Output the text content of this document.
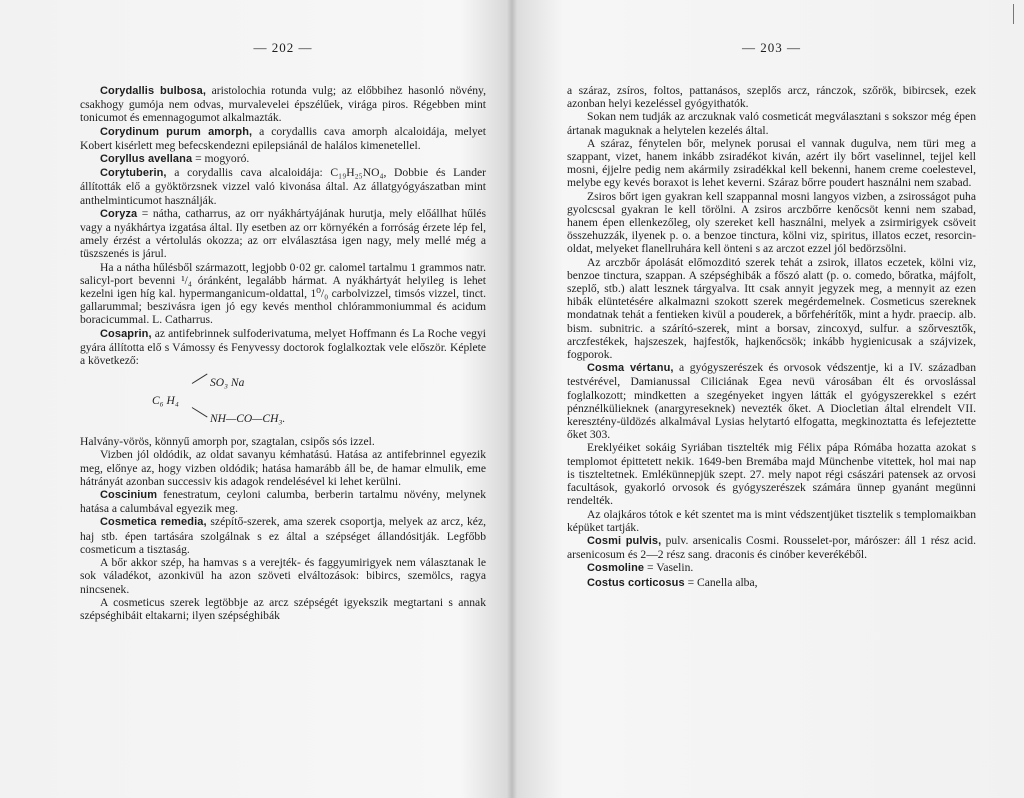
— 202 —

Corydallis bulbosa, aristolochia rotunda vulg; az előbbihez hasonló növény, csakhogy gumója nem odvas, murvalevelei épszélűek, virága piros. Régebben mint tonicumot és emennagogumot alkalmazták.

Corydinum purum amorph, a corydallis cava amorph alcaloidája, melyet Kobert kisérlett meg befecskendezni epilepsiánál de halálos kimenetellel.

Coryllus avellana = mogyoró.

Corytuberin, a corydallis cava alcaloidája: C₁₉H₂₅NO₄, Dobbie és Lander állították elő a gyöktörzsnek vizzel való kivonása által. Az állatgyógyászatban mint anthelminticumot használják.

Coryza = nátha, catharrus, az orr nyákhártyájának hurutja, mely előállhat hűlés vagy a nyákhártya izgatása által. Ily esetben az orr környékén a forróság érzete lép fel, amely érzést a vértolulás okozza; az orr elválasztása igen nagy, mely mellé még a tüszszenés is járul.

Ha a nátha hűlésből származott, legjobb 0·02 gr. calomel tartalmu 1 grammos natr. salicyl-port bevenni ¹/₄ óránként, legalább hármat. A nyákhártyát helyileg is lehet kezelni igen híg kal. hypermanganicum-oldattal, 1⁰/₀ carbolvizzel, timsós vizzel, tinct. gallarummal; beszivásra igen jó egy kevés menthol chlórammoniummal és acidum boracicummal. L. Catharrus.

Cosaprin, az antifebrinnek sulfoderivatuma, melyet Hoffmann és La Roche vegyi gyára állította elő s Vámossy és Fenyvessy doctorok foglalkoztak vele először. Képlete a következő:

SO₃ Na
C₆ H₄
NH—CO—CH₃.

Halvány-vörös, könnyű amorph por, szagtalan, csipős sós izzel.

Vizben jól oldódik, az oldat savanyu kémhatású. Hatása az antifebrinnel egyezik meg, előnye az, hogy vizben oldódik; hatása hamarább áll be, de hamar elmulik, eme hátrányát azonban successiv kis adagok rendelésével ki lehet kerülni.

Coscinium fenestratum, ceyloni calumba, berberin tartalmu növény, melynek hatása a calumbával egyezik meg.

Cosmetica remedia, szépítő-szerek, ama szerek csoportja, melyek az arcz, kéz, haj stb. épen tartására szolgálnak s ez által a szépséget állandósitják. Legfőbb cosmeticum a tisztaság.

A bőr akkor szép, ha hamvas s a verejték- és faggyumirigyek nem választanak le sok váladékot, azonkivül ha azon szöveti elváltozások: bibircs, szemölcs, ragya nincsenek.

A cosmeticus szerek legtöbbje az arcz szépségét igyekszik megtartani s annak szépséghibáit eltakarni; ilyen szépséghibák

— 203 —

a száraz, zsíros, foltos, pattanásos, szeplős arcz, ránczok, szőrök, bibircsek, ezek azonban helyi kezeléssel gyógyithatók.

Sokan nem tudják az arczuknak való cosmeticát megválasztani s sokszor még épen ártanak maguknak a helytelen kezelés által.

A száraz, fénytelen bőr, melynek porusai el vannak dugulva, nem türi meg a szappant, vizet, hanem inkább zsiradékot kiván, azért ily bőrt vaselinnel, tejjel kell mosni, éjjelre pedig nem akármily zsiradékkal kell bekenni, hanem creme coelestevel, melybe egy kevés boraxot is lehet keverni. Száraz bőrre poudert használni nem szabad.

Zsiros bőrt igen gyakran kell szappannal mosni langyos vizben, a zsirosságot puha gyolcscsal gyakran le kell törölni. A zsiros arczbőrre kenőcsöt kenni nem szabad, hanem épen ellenkezőleg, oly szereket kell használni, melyek a zsirmirigyek csöveit összehuzzák, ilyenek p. o. a benzoe tinctura, kölni viz, spiritus, illatos eczet, resorcin-oldat, melyeket flanellruhára kell önteni s az arczot ezzel jól bedörzsölni.

Az arczbőr ápolását előmozditó szerek tehát a zsirok, illatos eczetek, kölni viz, benzoe tinctura, szappan. A szépséghibák a főszó alatt (p. o. comedo, bőratka, májfolt, szeplő, stb.) alatt lesznek tárgyalva. Itt csak annyit jegyzek meg, a mennyit az ezen hibák elüntetésére alkalmazni szokott szerek megérdemelnek. Cosmeticus szereknek mondatnak tehát a fentieken kivül a pouderek, a bőrfehérítők, mint a hydr. praecip. alb. bism. subnitric. a szárító-szerek, mint a borsav, zincoxyd, sulfur. a szőrvesztők, arczfestékek, hajszeszek, hajfestők, hajkenőcsök; inkább hygienicusak a szájvizek, fogporok.

Cosma vértanu, a gyógyszerészek és orvosok védszentje, ki a IV. században testvérével, Damianussal Ciliciának Egea nevü városában élt és orvoslással foglalkozott; mindketten a szegényeket ingyen látták el gyógyszerekkel s ezért pénznélkülieknek (anargyreseknek) nevezték őket. A Diocletian által elrendelt VII. keresztény-üldözés alkalmával Lysias helytartó elfogatta, megkinoztatta és lefejeztette őket 303.

Ereklyéiket sokáig Syriában tisztelték mig Félix pápa Rómába hozatta azokat s templomot épittetett nekik. 1649-ben Bremába majd Münchenbe vitettek, hol mai nap is tiszteltetnek. Emlékünnepjük szept. 27. mely napot régi császári patensek az orvosi facultások, gyakorló orvosok és gyógyszerészek számára ünnep gyanánt megünni rendelték.

Az olajkáros tótok e két szentet ma is mint védszentjüket tisztelik s templomaikban képüket tartják.

Cosmi pulvis, pulv. arsenicalis Cosmi. Rousselet-por, márószer: áll 1 rész acid. arsenicosum és 2—2 rész sang. draconis és cinóber keverékéből.

Cosmoline = Vaselin.

Costus corticosus = Canella alba,
